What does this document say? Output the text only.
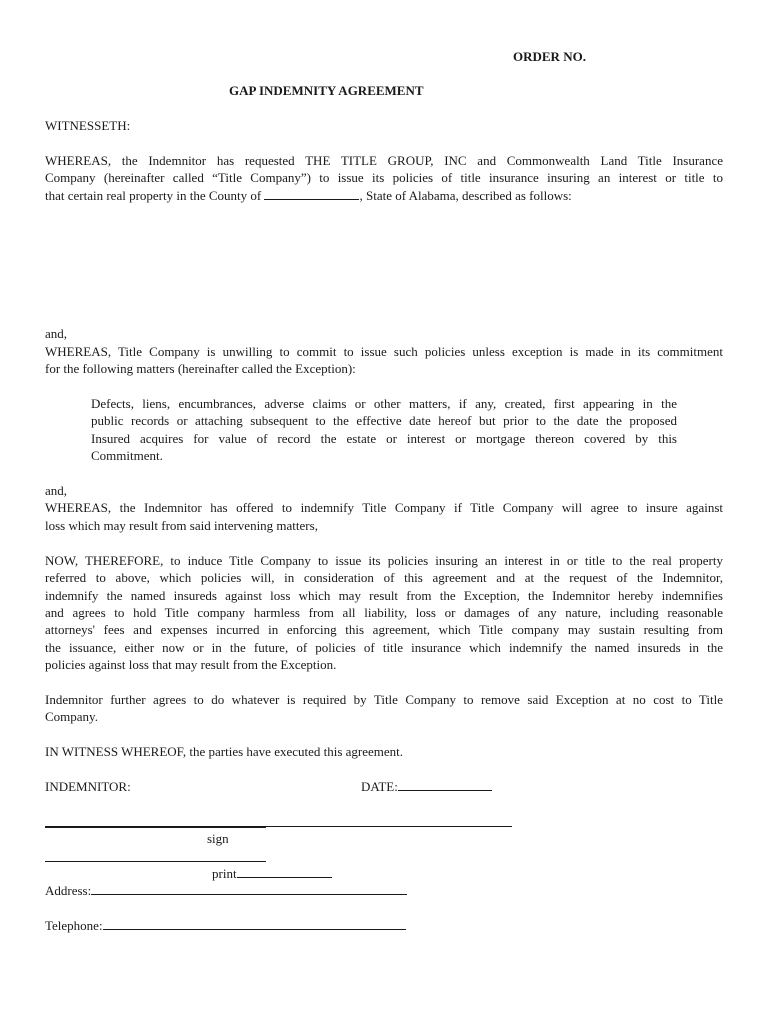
ORDER NO.
GAP INDEMNITY AGREEMENT
WITNESSETH:
WHEREAS, the Indemnitor has requested THE TITLE GROUP, INC and Commonwealth Land Title Insurance
Company (hereinafter called “Title Company”) to issue its policies of title insurance insuring an interest or title to
that certain real property in the County of	, State of Alabama, described as follows:
and,
WHEREAS, Title Company is unwilling to commit to issue such policies unless exception is made in its commitment
for the following matters (hereinafter called the Exception):
Defects, liens, encumbrances, adverse claims or other matters, if any, created, first appearing in the
public records or attaching subsequent to the effective date hereof but prior to the date the proposed
Insured acquires for value of record the estate or interest or mortgage thereon covered by this
Commitment.
and,
WHEREAS, the Indemnitor has offered to indemnify Title Company if Title Company will agree to insure against
loss which may result from said intervening matters,
NOW, THEREFORE, to induce Title Company to issue its policies insuring an interest in or title to the real property
referred to above, which policies will, in consideration of this agreement and at the request of the Indemnitor,
indemnify the named insureds against loss which may result from the Exception, the Indemnitor hereby indemnifies
and agrees to hold Title company harmless from all liability, loss or damages of any nature, including reasonable
attorneys' fees and expenses incurred in enforcing this agreement, which Title company may sustain resulting from
the issuance, either now or in the future, of policies of title insurance which indemnify the named insureds in the
policies against loss that may result from the Exception.
Indemnitor further agrees to do whatever is required by Title Company to remove said Exception at no cost to Title
Company.
IN WITNESS WHEREOF, the parties have executed this agreement.
INDEMNITOR:	DATE:
sign
print
Address:
Telephone:
